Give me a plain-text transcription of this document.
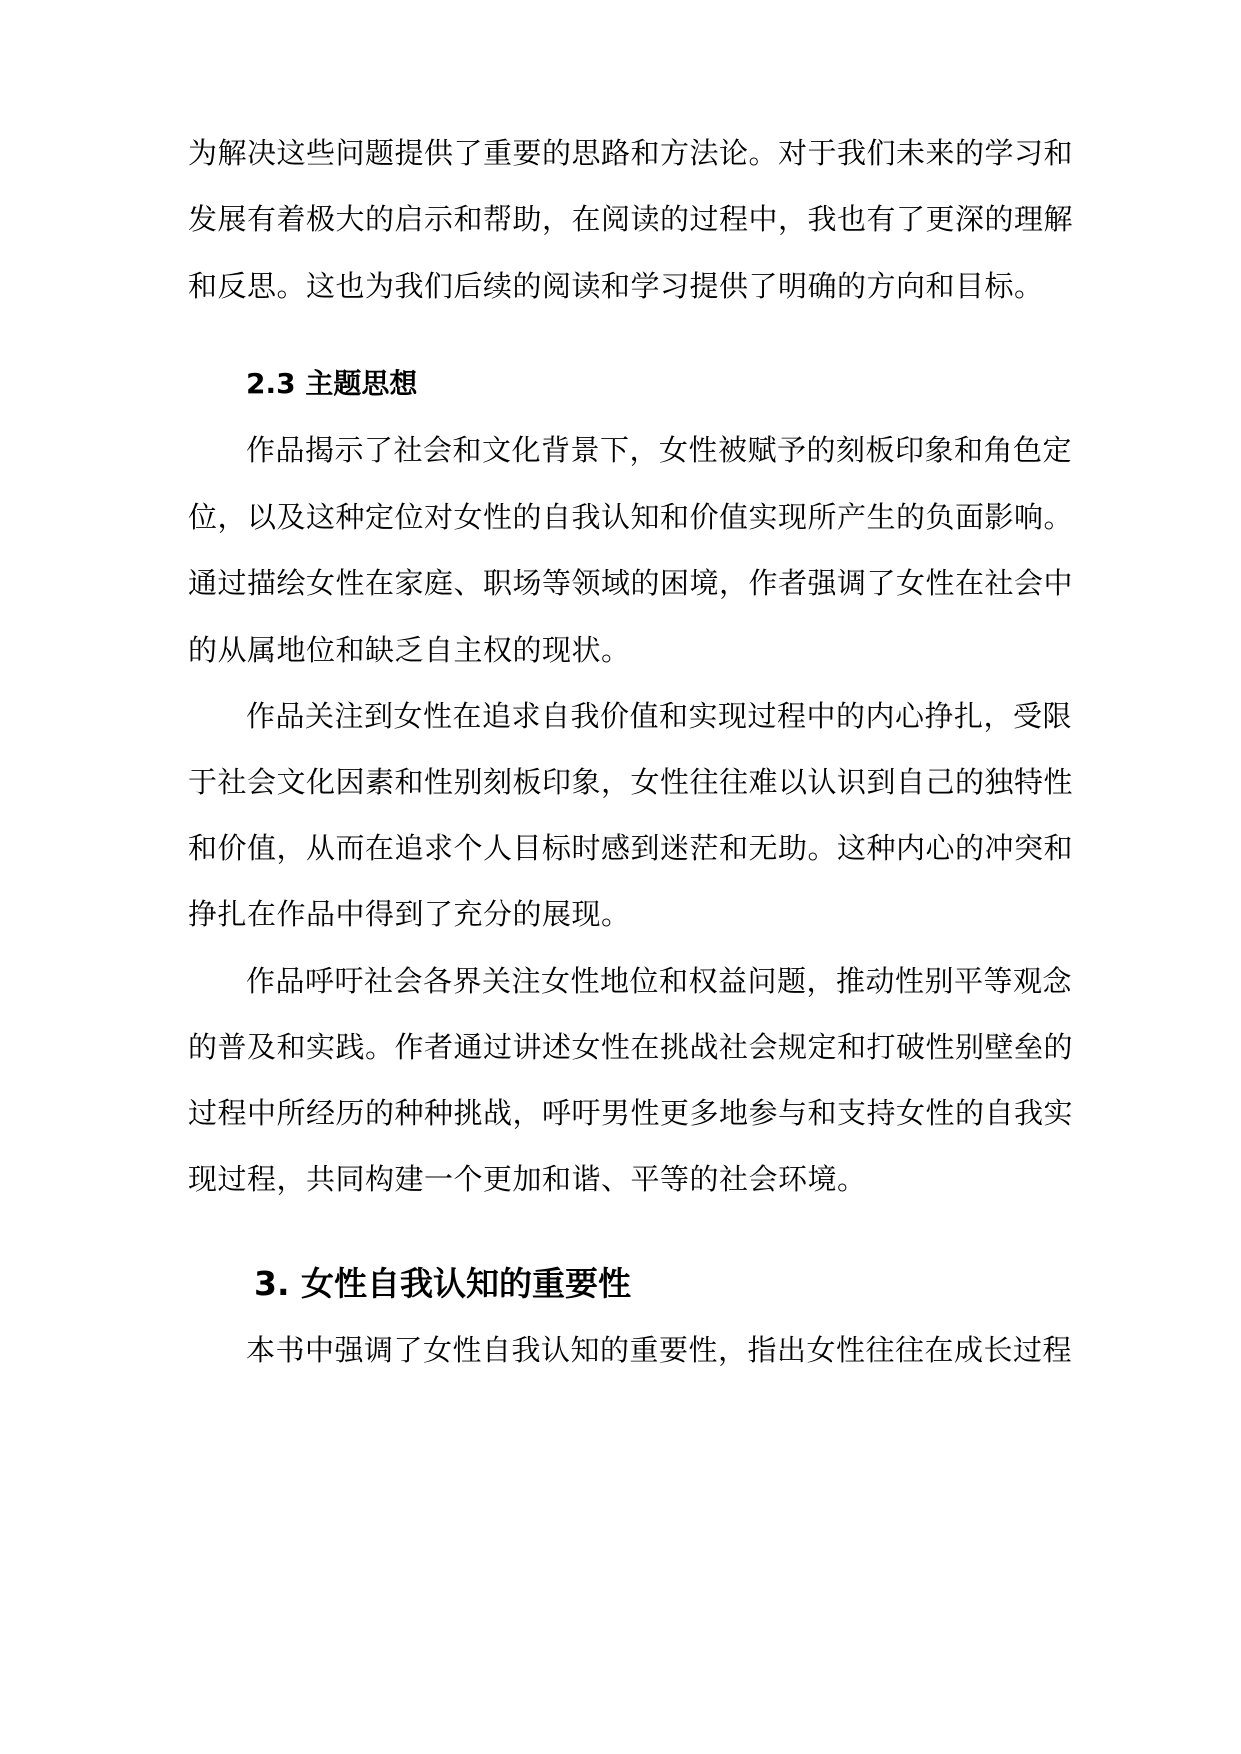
为解决这些问题提供了重要的思路和方法论。对于我们未来的学习和
发展有着极大的启示和帮助，在阅读的过程中，我也有了更深的理解
和反思。这也为我们后续的阅读和学习提供了明确的方向和目标。
2.3 主题思想
作品揭示了社会和文化背景下，女性被赋予的刻板印象和角色定
位，以及这种定位对女性的自我认知和价值实现所产生的负面影响。
通过描绘女性在家庭、职场等领域的困境，作者强调了女性在社会中
的从属地位和缺乏自主权的现状。
作品关注到女性在追求自我价值和实现过程中的内心挣扎，受限
于社会文化因素和性别刻板印象，女性往往难以认识到自己的独特性
和价值，从而在追求个人目标时感到迷茫和无助。这种内心的冲突和
挣扎在作品中得到了充分的展现。
作品呼吁社会各界关注女性地位和权益问题，推动性别平等观念
的普及和实践。作者通过讲述女性在挑战社会规定和打破性别壁垒的
过程中所经历的种种挑战，呼吁男性更多地参与和支持女性的自我实
现过程，共同构建一个更加和谐、平等的社会环境。
3. 女性自我认知的重要性
本书中强调了女性自我认知的重要性，指出女性往往在成长过程
